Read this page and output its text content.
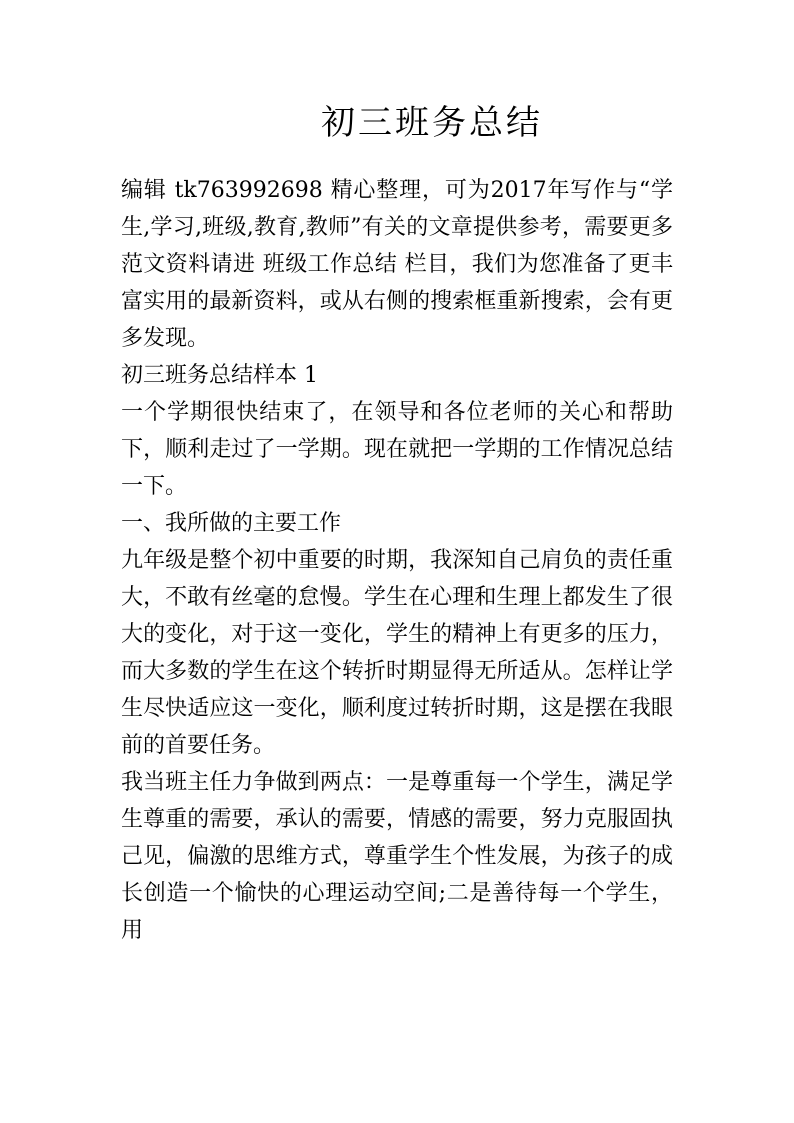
初三班务总结

编辑 tk763992698 精心整理，可为2017年写作与“学生,学习,班级,教育,教师”有关的文章提供参考，需要更多范文资料请进 班级工作总结 栏目，我们为您准备了更丰富实用的最新资料，或从右侧的搜索框重新搜索，会有更多发现。

初三班务总结样本 1

一个学期很快结束了，在领导和各位老师的关心和帮助下，顺利走过了一学期。现在就把一学期的工作情况总结一下。

一、我所做的主要工作

九年级是整个初中重要的时期，我深知自己肩负的责任重大，不敢有丝毫的怠慢。学生在心理和生理上都发生了很大的变化，对于这一变化，学生的精神上有更多的压力，而大多数的学生在这个转折时期显得无所适从。怎样让学生尽快适应这一变化，顺利度过转折时期，这是摆在我眼前的首要任务。

我当班主任力争做到两点：一是尊重每一个学生，满足学生尊重的需要，承认的需要，情感的需要，努力克服固执己见，偏激的思维方式，尊重学生个性发展，为孩子的成长创造一个愉快的心理运动空间;二是善待每一个学生，用
